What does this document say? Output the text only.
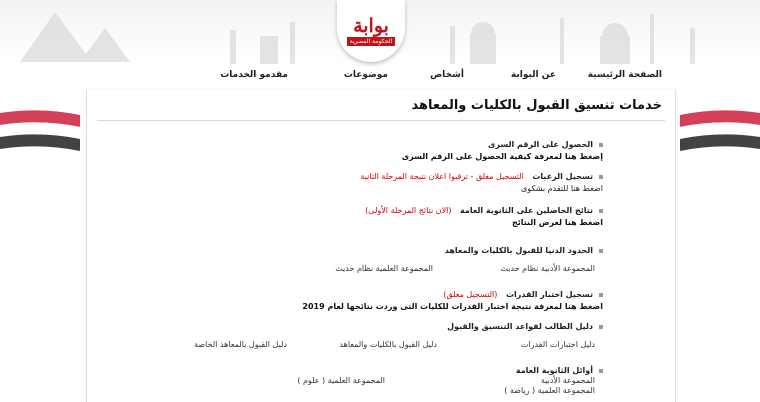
بوابة
الحكومة المصرية
الصفحة الرئيسية
عن البوابة
أشخاص
موضوعات
مقدمو الخدمات
خدمات تنسيق القبول بالكليات والمعاهد
الحصول على الرقم السرى
إضغط هنا لمعرفة كيفية الحصول على الرقم السرى
تسجيل الرغبات التسجيل مغلق - ترقبوا اعلان نتيجة المرحلة الثانية
اضغط هنا للتقدم بشكوى
نتائج الحاصلين على الثانوية العامة (الان نتائج المرحلة الأولى)
اضغط هنا لعرض النتائج
الحدود الدنيا للقبول بالكليات والمعاهد
المجموعة الأدبية نظام حديث
المجموعة العلمية نظام حديث
تسجيل اختبار القدرات (التسجيل مغلق)
اضغط هنا لمعرفة نتيجة اختبار القدرات للكليات التى وردت نتائجها لعام 2019
دليل الطالب لقواعد التنسيق والقبول
دليل اختبارات القدرات
دليل القبول بالكليات والمعاهد
دليل القبول بالمعاهد الخاصة
أوائل الثانوية العامة
المجموعة الأدبية
المجموعة العلمية ( علوم )
المجموعة العلمية ( رياضة )
